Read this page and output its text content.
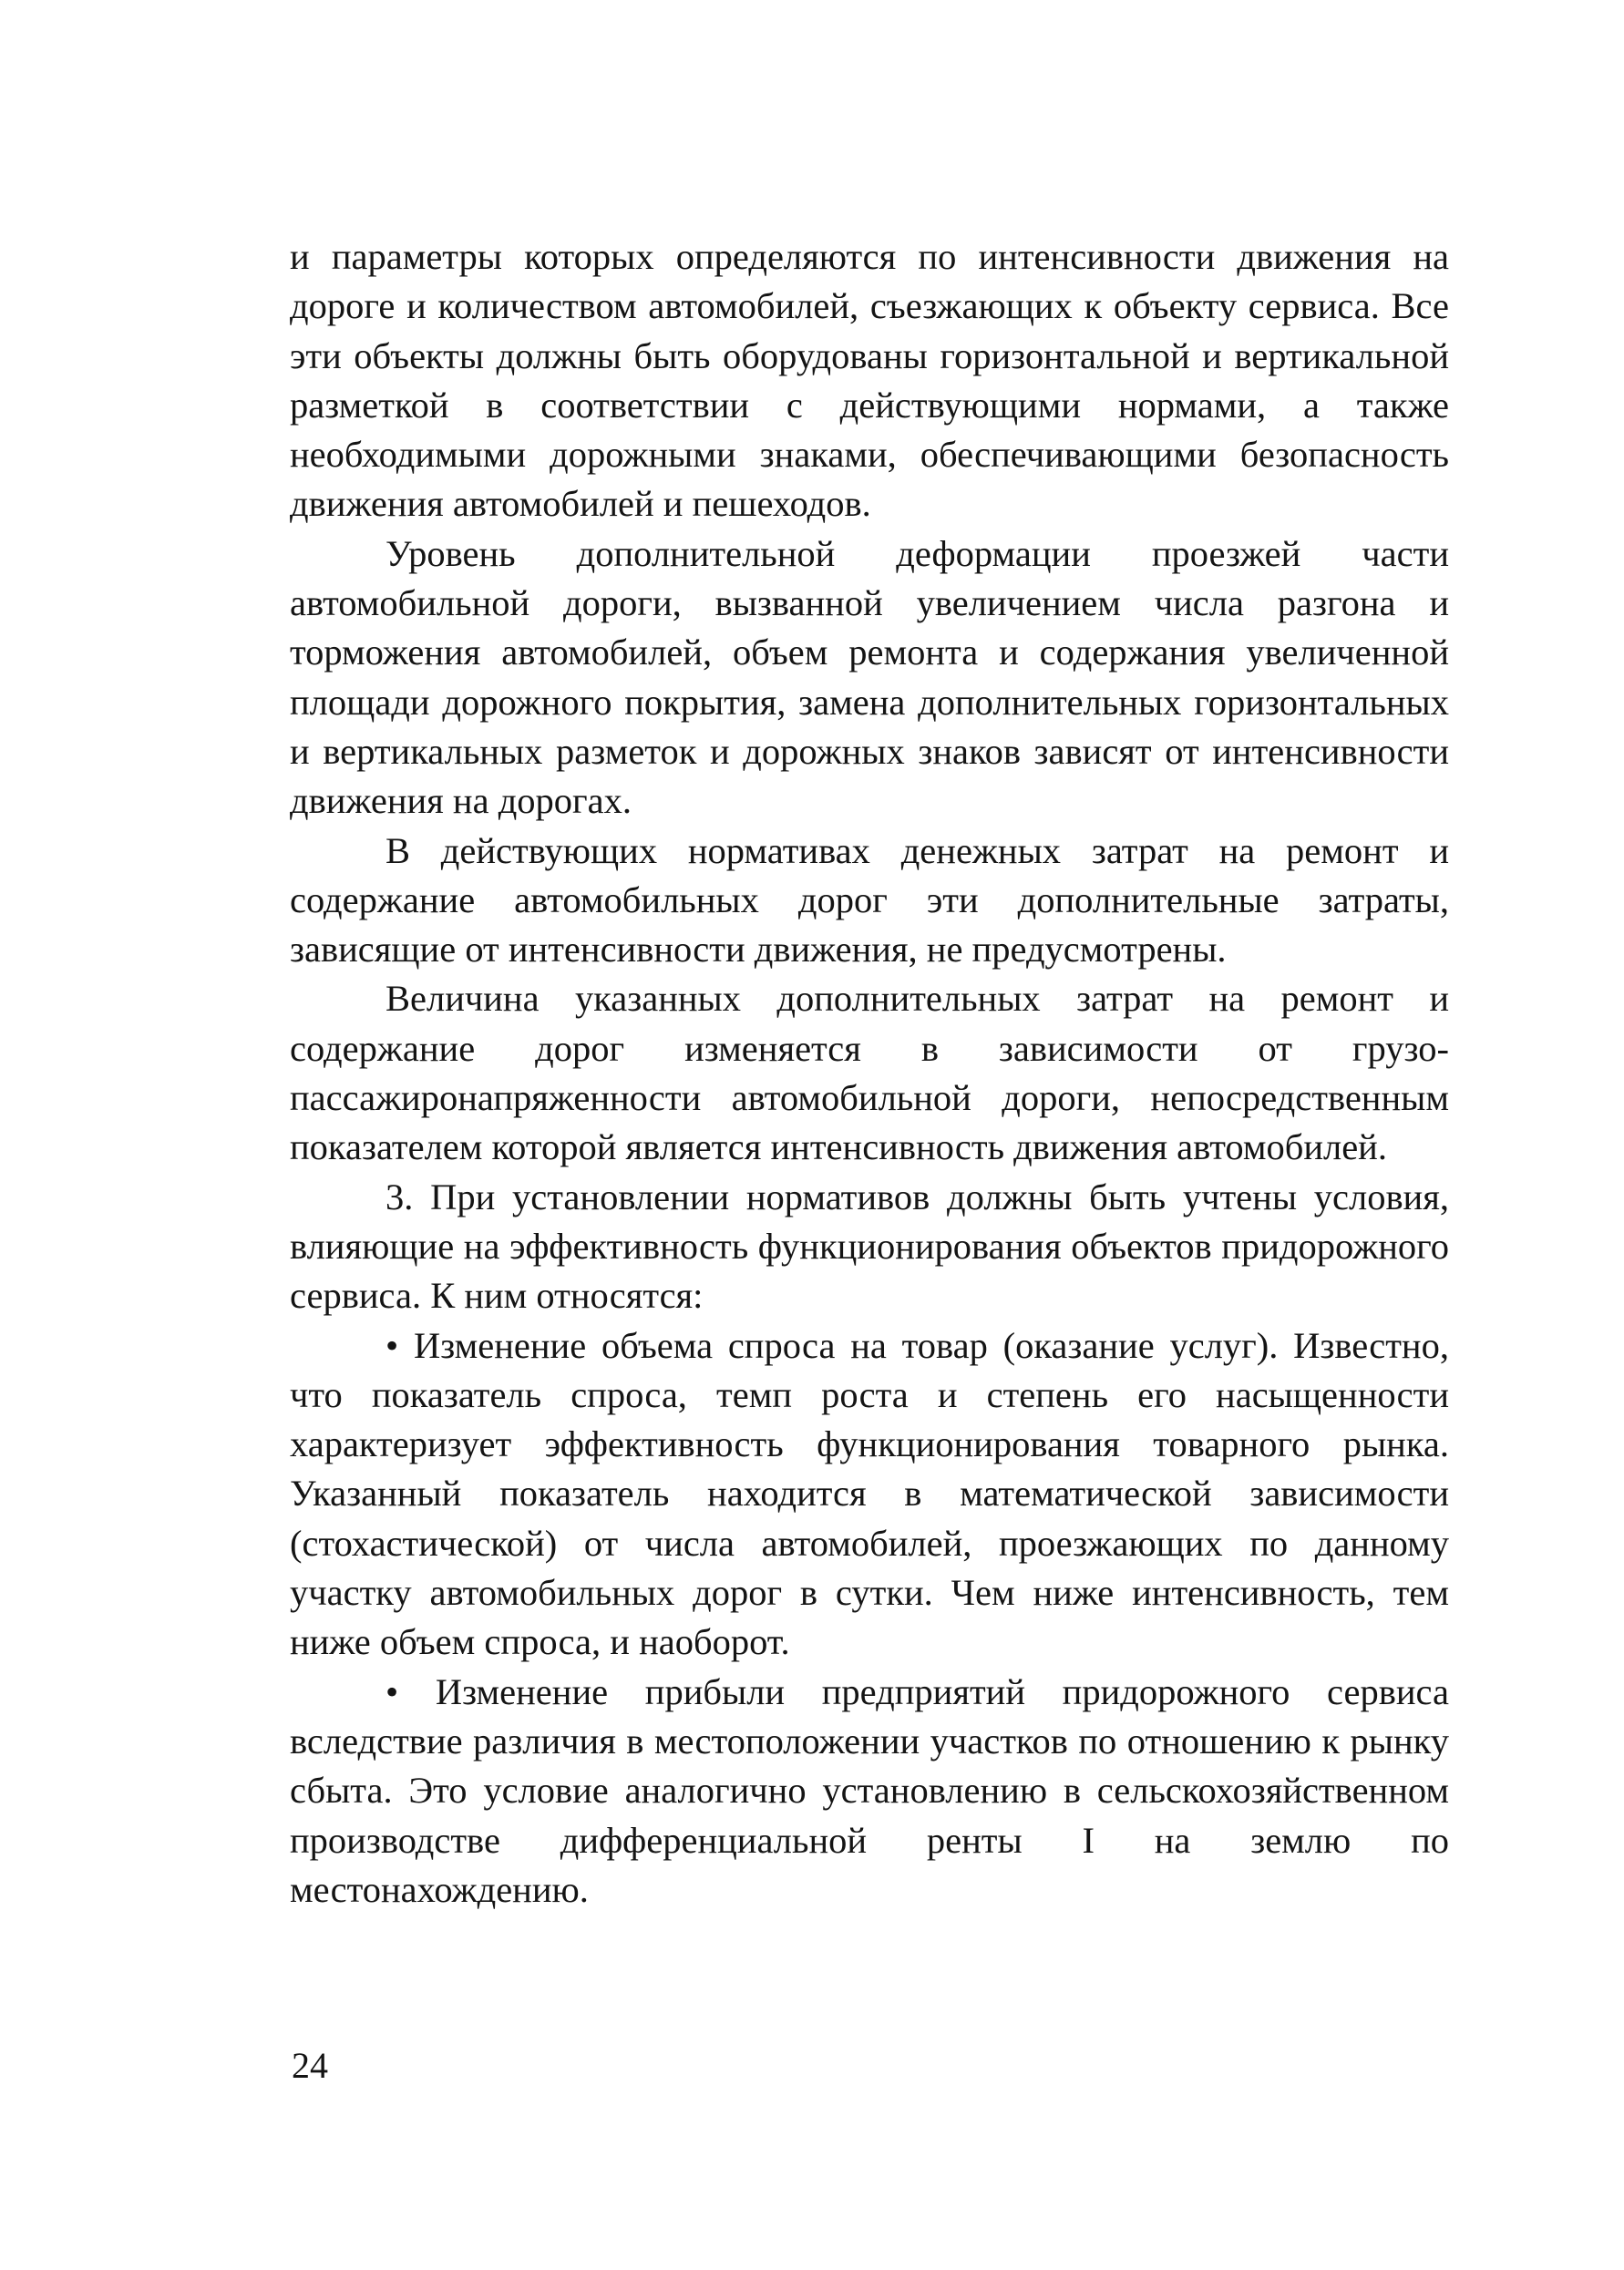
и параметры которых определяются по интенсивности движения на дороге и количеством автомобилей, съезжающих к объекту сервиса. Все эти объекты должны быть оборудованы горизонтальной и вертикальной разметкой в соответствии с действующими нормами, а также необходимыми дорожными знаками, обеспечивающими безопасность движения автомобилей и пешеходов.

Уровень дополнительной деформации проезжей части автомобильной дороги, вызванной увеличением числа разгона и торможения автомобилей, объем ремонта и содержания увеличенной площади дорожного покрытия, замена дополнительных горизонтальных и вертикальных разметок и дорожных знаков зависят от интенсивности движения на дорогах.

В действующих нормативах денежных затрат на ремонт и содержание автомобильных дорог эти дополнительные затраты, зависящие от интенсивности движения, не предусмотрены.

Величина указанных дополнительных затрат на ремонт и содержание дорог изменяется в зависимости от грузо-пассажиронапряженности автомобильной дороги, непосредственным показателем которой является интенсивность движения автомобилей.

3. При установлении нормативов должны быть учтены условия, влияющие на эффективность функционирования объектов придорожного сервиса. К ним относятся:

• Изменение объема спроса на товар (оказание услуг). Известно, что показатель спроса, темп роста и степень его насыщенности характеризует эффективность функционирования товарного рынка. Указанный показатель находится в математической зависимости (стохастической) от числа автомобилей, проезжающих по данному участку автомобильных дорог в сутки. Чем ниже интенсивность, тем ниже объем спроса, и наоборот.

• Изменение прибыли предприятий придорожного сервиса вследствие различия в местоположении участков по отношению к рынку сбыта. Это условие аналогично установлению в сельскохозяйственном производстве дифференциальной ренты I на землю по местонахождению.

24
